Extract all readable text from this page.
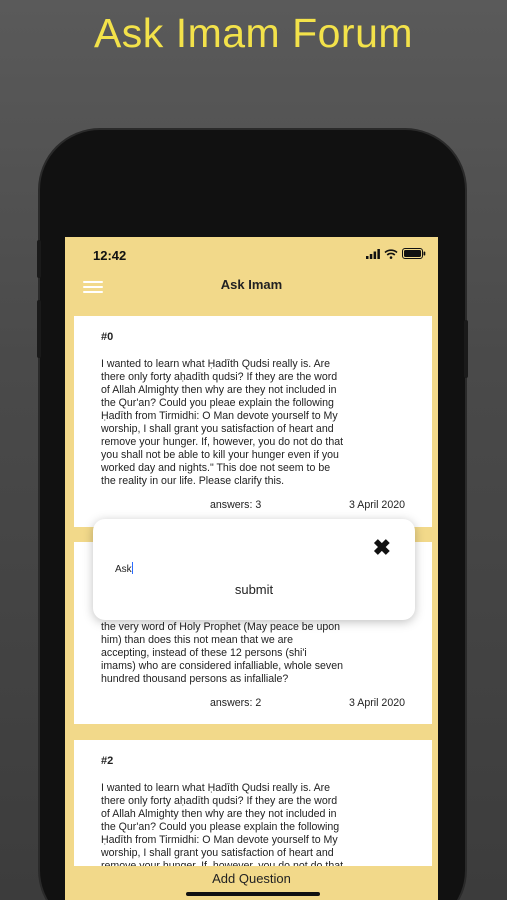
Ask Imam Forum
12:42
Ask Imam
#0
I wanted to learn what Ḥadīth Qudsi really is. Are
there only forty aḥadīth qudsi? If they are the word
of Allah Almighty then why are they not included in
the Qur'an? Could you pleae explain the following
Ḥadīth from Tirmidhi: O Man devote yourself to My
worship, I shall grant you satisfaction of heart and
remove your hunger. If, however, you do not do that
you shall not be able to kill your hunger even if you
worked day and nights." This doe not seem to be
the reality in our life. Please clarify this.
answers: 3	3 April 2020
the very word of Holy Prophet (May peace be upon
him) than does this not mean that we are
accepting, instead of these 12 persons (shi'i
imams) who are considered infalliable, whole seven
hundred thousand persons as infalliale?
answers: 2	3 April 2020
#2
I wanted to learn what Ḥadīth Qudsi really is. Are
there only forty aḥadīth qudsi? If they are the word
of Allah Almighty then why are they not included in
the Qur'an? Could you please explain the following
Ḥadīth from Tirmidhi: O Man devote yourself to My
worship, I shall grant you satisfaction of heart and
✖
Ask
submit
Add Question
